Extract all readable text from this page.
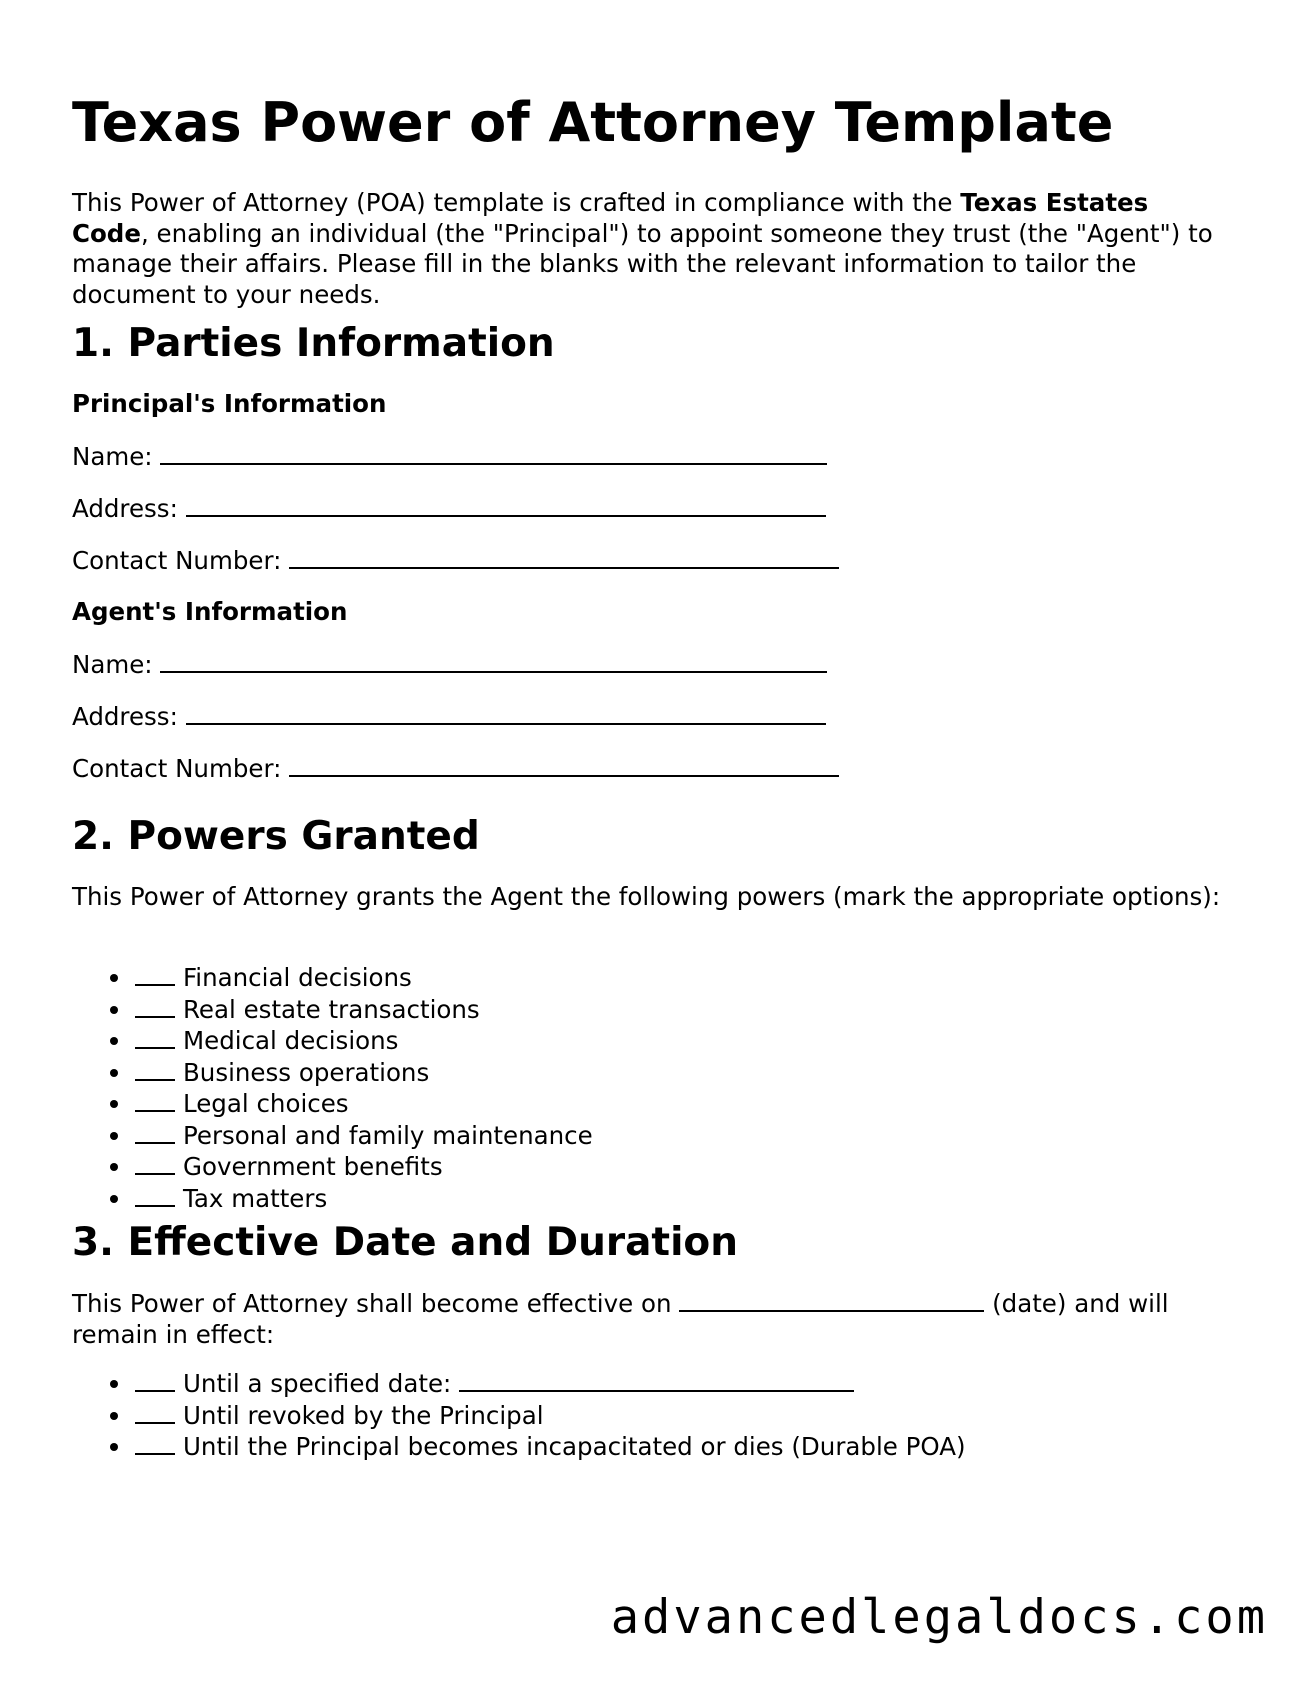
Texas Power of Attorney Template

This Power of Attorney (POA) template is crafted in compliance with the Texas Estates Code, enabling an individual (the "Principal") to appoint someone they trust (the "Agent") to manage their affairs. Please fill in the blanks with the relevant information to tailor the document to your needs.

1. Parties Information
Principal's Information

Name:

Address:

Contact Number:

Agent's Information

Name:

Address:

Contact Number:

2. Powers Granted

This Power of Attorney grants the Agent the following powers (mark the appropriate options):

Financial decisions
Real estate transactions
Medical decisions
Business operations
Legal choices
Personal and family maintenance
Government benefits
Tax matters
3. Effective Date and Duration

This Power of Attorney shall become effective on	(date) and will remain in effect:

Until a specified date:
Until revoked by the Principal
Until the Principal becomes incapacitated or dies (Durable POA)
advancedlegaldocs.com
